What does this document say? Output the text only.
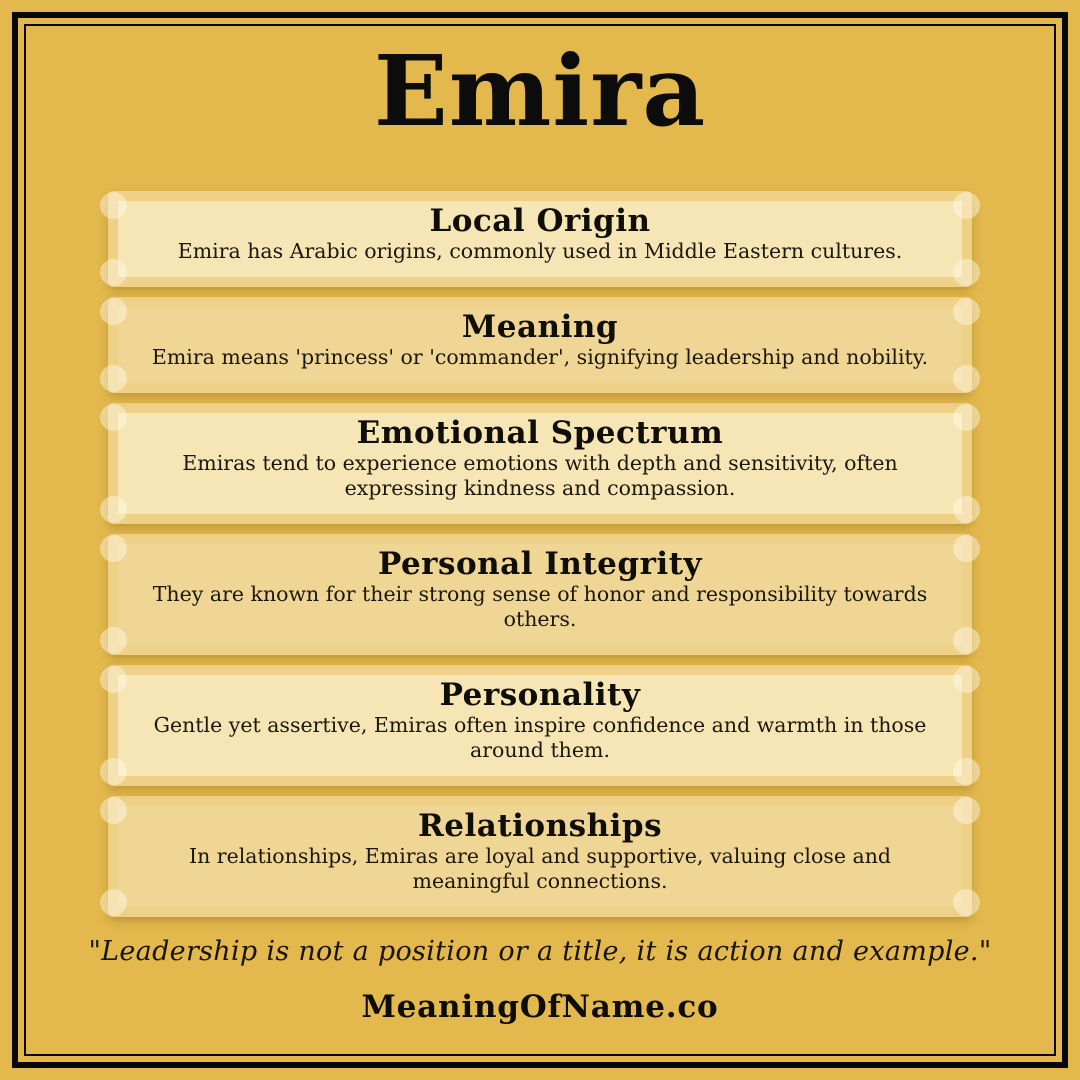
Emira
Local Origin
Emira has Arabic origins, commonly used in Middle Eastern cultures.
Meaning
Emira means 'princess' or 'commander', signifying leadership and nobility.
Emotional Spectrum
Emiras tend to experience emotions with depth and sensitivity, often expressing kindness and compassion.
Personal Integrity
They are known for their strong sense of honor and responsibility towards others.
Personality
Gentle yet assertive, Emiras often inspire confidence and warmth in those around them.
Relationships
In relationships, Emiras are loyal and supportive, valuing close and meaningful connections.
"Leadership is not a position or a title, it is action and example."
MeaningOfName.co
